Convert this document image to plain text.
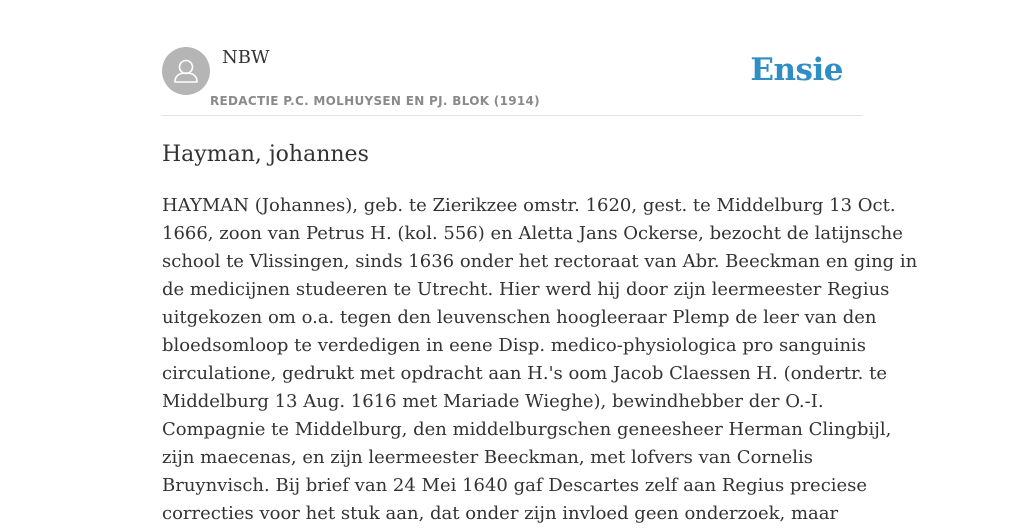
NBW
REDACTIE P.C. MOLHUYSEN EN PJ. BLOK (1914)
Ensie
Hayman, johannes
HAYMAN (Johannes), geb. te Zierikzee omstr. 1620, gest. te Middelburg 13 Oct.
1666, zoon van Petrus H. (kol. 556) en Aletta Jans Ockerse, bezocht de latijnsche
school te Vlissingen, sinds 1636 onder het rectoraat van Abr. Beeckman en ging in
de medicijnen studeeren te Utrecht. Hier werd hij door zijn leermeester Regius
uitgekozen om o.a. tegen den leuvenschen hoogleeraar Plemp de leer van den
bloedsomloop te verdedigen in eene Disp. medico-physiologica pro sanguinis
circulatione, gedrukt met opdracht aan H.'s oom Jacob Claessen H. (ondertr. te
Middelburg 13 Aug. 1616 met Mariade Wieghe), bewindhebber der O.-I.
Compagnie te Middelburg, den middelburgschen geneesheer Herman Clingbijl,
zijn maecenas, en zijn leermeester Beeckman, met lofvers van Cornelis
Bruynvisch. Bij brief van 24 Mei 1640 gaf Descartes zelf aan Regius preciese
correcties voor het stuk aan, dat onder zijn invloed geen onderzoek, maar
